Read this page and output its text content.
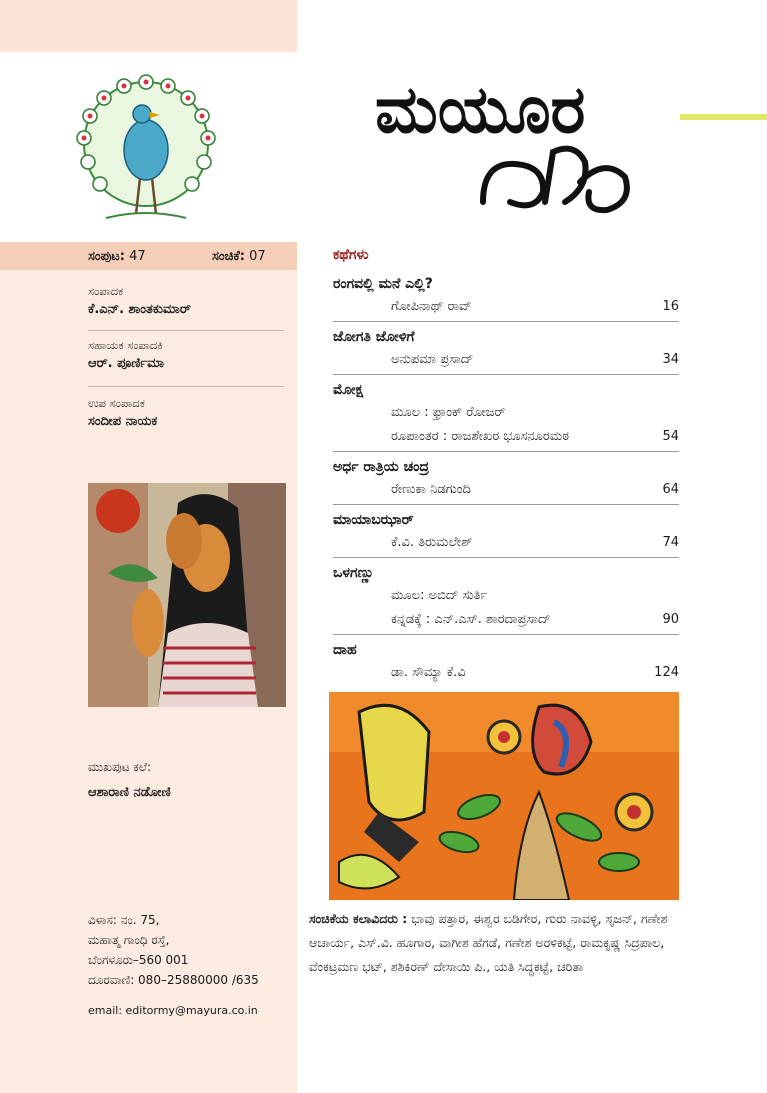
ಸಂಪುಟ: 47	ಸಂಚಿಕೆ: 07
ಸಂಪಾದಕ
ಕೆ.ಎನ್. ಶಾಂತಕುಮಾರ್
ಸಹಾಯಕ ಸಂಪಾದಕಿ
ಆರ್. ಪೂರ್ಣಿಮಾ
ಉಪ ಸಂಪಾದಕ
ಸಂದೀಪ ನಾಯಕ
ಮುಖಪುಟ ಕಲೆ:
ಆಶಾರಾಣಿ ನಡೋಣಿ
ವಿಳಾಸ: ನಂ. 75,
ಮಹಾತ್ಮ ಗಾಂಧಿ ರಸ್ತೆ,
ಬೆಂಗಳೂರು–560 001
ದೂರವಾಣಿ: 080–25880000 /635
email: editormy@mayura.co.in
ಮಯೂರ
ಕಥೆಗಳು
ರಂಗವಲ್ಲಿ ಮನೆ ಎಲ್ಲಿ?
ಗೋಪಿನಾಥ್ ರಾವ್	16
ಜೋಗತಿ ಜೋಳಿಗೆ
ಅನುಪಮಾ ಪ್ರಸಾದ್	34
ಮೋಕ್ಷ
ಮೂಲ : ಫ್ರಾಂಕ್ ರೋಜರ್
ರೂಪಾಂತರ : ರಾಜಶೇಖರ ಭೂಸನೂರಮಠ	54
ಅರ್ಧ ರಾತ್ರಿಯ ಚಂದ್ರ
ರೇಣುಕಾ ನಿಡಗುಂದಿ	64
ಮಾಯಾಬಝಾರ್
ಕೆ.ವಿ. ತಿರುಮಲೇಶ್	74
ಒಳಗಣ್ಣು
ಮೂಲ: ಅಬಿದ್ ಸುರ್ತಿ
ಕನ್ನಡಕ್ಕೆ : ಎನ್.ಎಸ್. ಶಾರದಾಪ್ರಸಾದ್	90
ದಾಹ
ಡಾ. ಸೌಮ್ಯಾ ಕೆ.ವಿ	124
ಸಂಚಿಕೆಯ ಕಲಾವಿದರು : ಭಾವು ಪತ್ತಾರ, ಈಶ್ವರ ಬಡಿಗೇರ, ಗುರು ನಾವಳ್ಳಿ, ಸೃಜನ್, ಗಣೇಶ ಆಚಾರ್ಯ, ಎಸ್.ವಿ. ಹೂಗಾರ, ವಾಗೀಶ ಹೆಗಡೆ, ಗಣೇಶ ಅರಳಿಕಟ್ಟೆ, ರಾಮಕೃಷ್ಣ ಸಿದ್ರಪಾಲ, ವೆಂಕಟ್ರಮಣ ಭಟ್, ಶಶಿಕಿರಣ್ ದೇಸಾಯಿ ಪಿ., ಯತಿ ಸಿದ್ಧಕಟ್ಟೆ, ಚರಿತಾ
